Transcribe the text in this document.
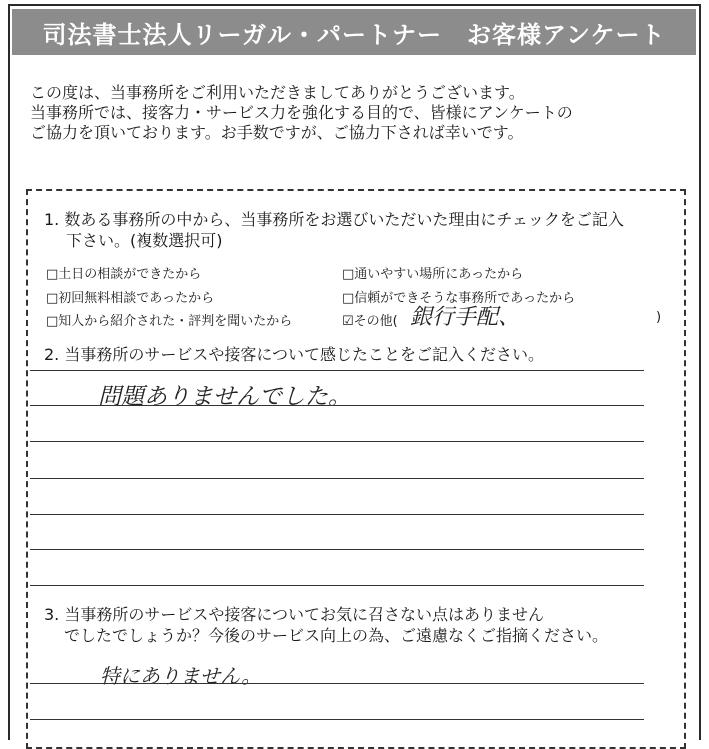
司法書士法人リーガル・パートナー　お客様アンケート
この度は、当事務所をご利用いただきましてありがとうございます。
当事務所では、接客力・サービス力を強化する目的で、皆様にアンケートの
ご協力を頂いております。お手数ですが、ご協力下されば幸いです。
1. 数ある事務所の中から、当事務所をお選びいただいた理由にチェックをご記入
下さい。(複数選択可)
□土日の相談ができたから	□通いやすい場所にあったから
□初回無料相談であったから	□信頼ができそうな事務所であったから
□知人から紹介された・評判を聞いたから	☑その他( 銀行手配、	)
2. 当事務所のサービスや接客について感じたことをご記入ください。
問題ありませんでした。
3. 当事務所のサービスや接客についてお気に召さない点はありません
でしたでしょうか？今後のサービス向上の為、ご遠慮なくご指摘ください。
特にありません。
